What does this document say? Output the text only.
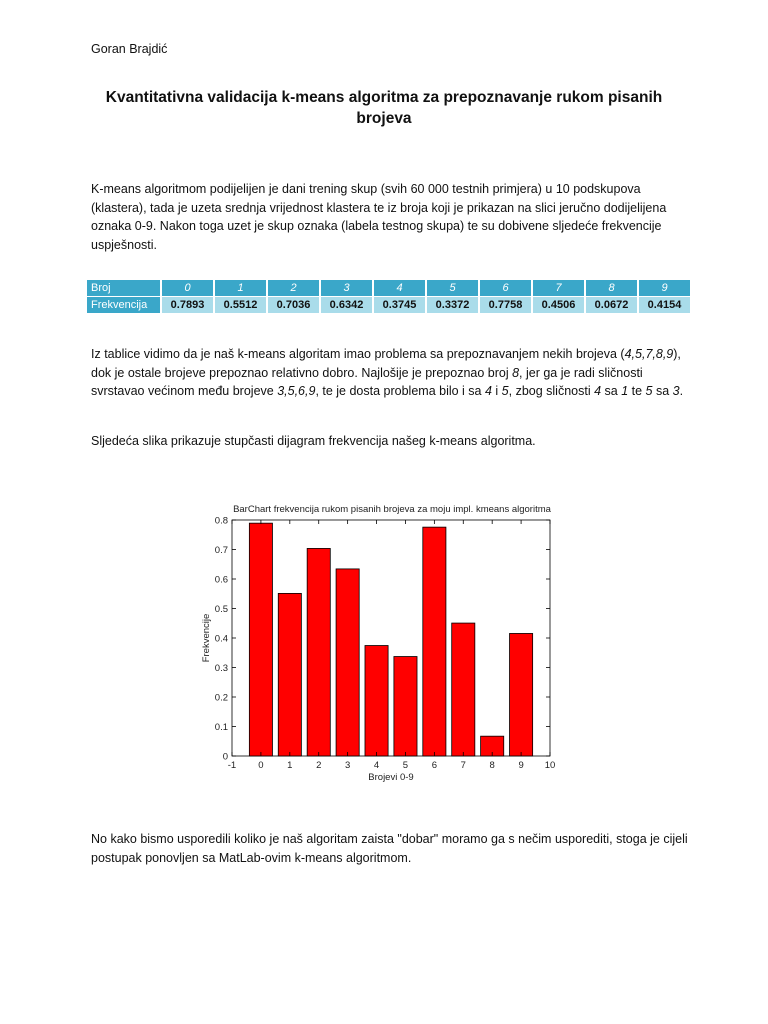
Goran Brajdić
Kvantitativna validacija k-means algoritma za prepoznavanje rukom pisanih brojeva

K-means algoritmom podijelijen je dani trening skup (svih 60 000 testnih primjera) u 10 podskupova (klastera), tada je uzeta srednja vrijednost klastera te iz broja koji je prikazan na slici jeručno dodijelijena oznaka 0-9. Nakon toga uzet je skup oznaka (labela testnog skupa) te su dobivene sljedeće frekvencije uspješnosti.

Broj	0	1	2	3	4	5	6	7	8	9
Frekvencija	0.7893	0.5512	0.7036	0.6342	0.3745	0.3372	0.7758	0.4506	0.0672	0.4154

Iz tablice vidimo da je naš k-means algoritam imao problema sa prepoznavanjem nekih brojeva (4,5,7,8,9), dok je ostale brojeve prepoznao relativno dobro. Najlošije je prepoznao broj 8, jer ga je radi sličnosti svrstavao većinom među brojeve 3,5,6,9, te je dosta problema bilo i sa 4 i 5, zbog sličnosti 4 sa 1 te 5 sa 3.

Sljedeća slika prikazuje stupčasti dijagram frekvencija našeg k-means algoritma.

BarChart frekvencija rukom pisanih brojeva za moju impl. kmeans algoritma
-1 0 1 2 3 4 5 6 7 8 9 10
0
0.1
0.2
0.3
0.4
0.5
0.6
0.7
0.8
Brojevi 0-9
Frekvencije

No kako bismo usporedili koliko je naš algoritam zaista "dobar" moramo ga s nečim usporediti, stoga je cijeli postupak ponovljen sa MatLab-ovim k-means algoritmom.
